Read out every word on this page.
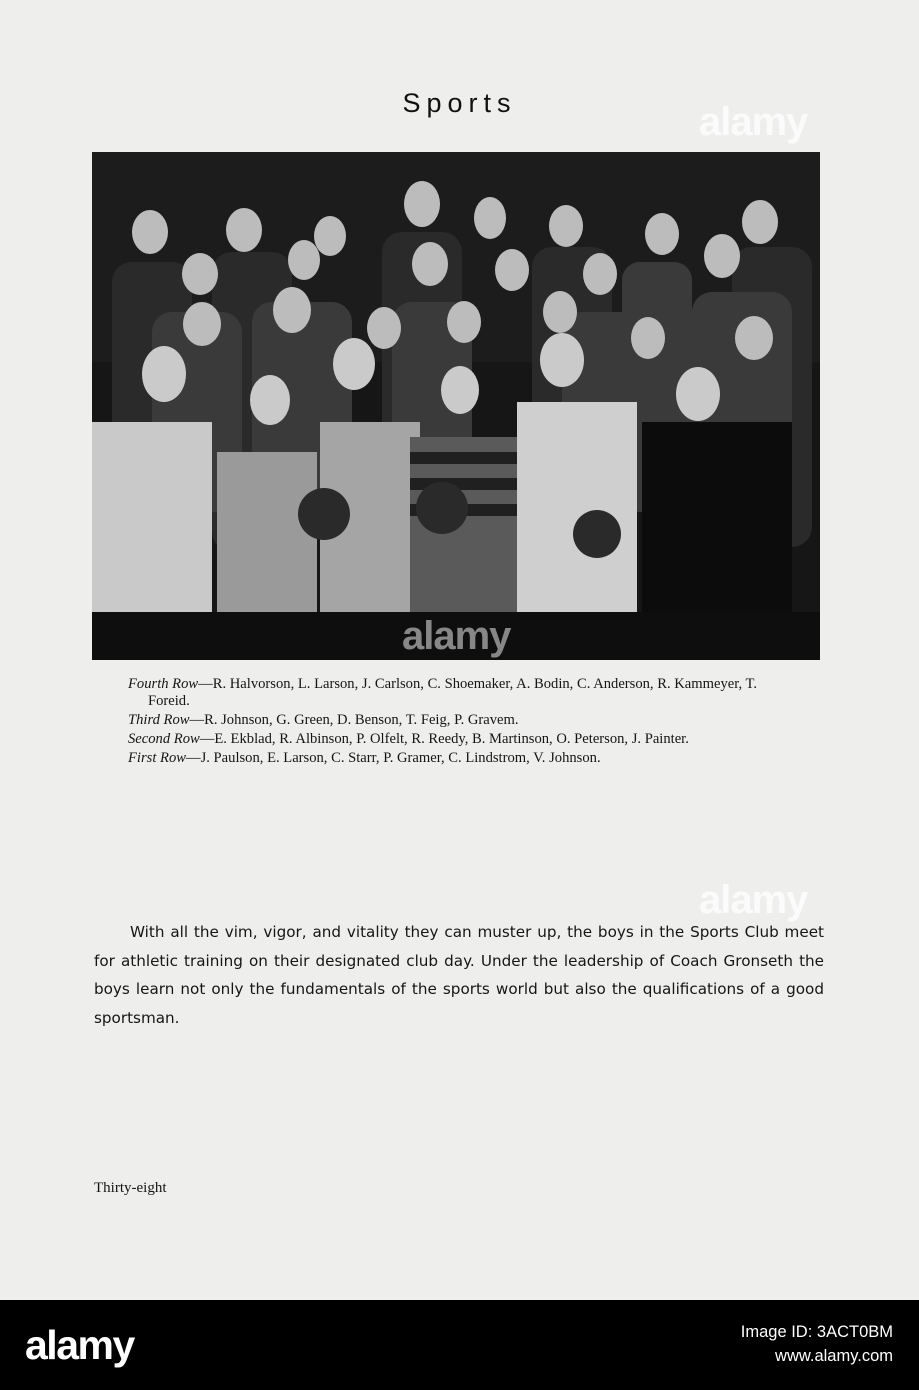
Sports
alamy
alamy
alamy

Fourth Row—R. Halvorson, L. Larson, J. Carlson, C. Shoemaker, A. Bodin, C. Anderson, R. Kammeyer, T. Foreid.

Third Row—R. Johnson, G. Green, D. Benson, T. Feig, P. Gravem.

Second Row—E. Ekblad, R. Albinson, P. Olfelt, R. Reedy, B. Martinson, O. Peterson, J. Painter.

First Row—J. Paulson, E. Larson, C. Starr, P. Gramer, C. Lindstrom, V. Johnson.

With all the vim, vigor, and vitality they can muster up, the boys in the Sports Club meet for athletic training on their designated club day. Under the leadership of Coach Gronseth the boys learn not only the fundamentals of the sports world but also the qualifications of a good sportsman.

Thirty-eight
alamy	Image ID: 3ACT0BM
www.alamy.com
